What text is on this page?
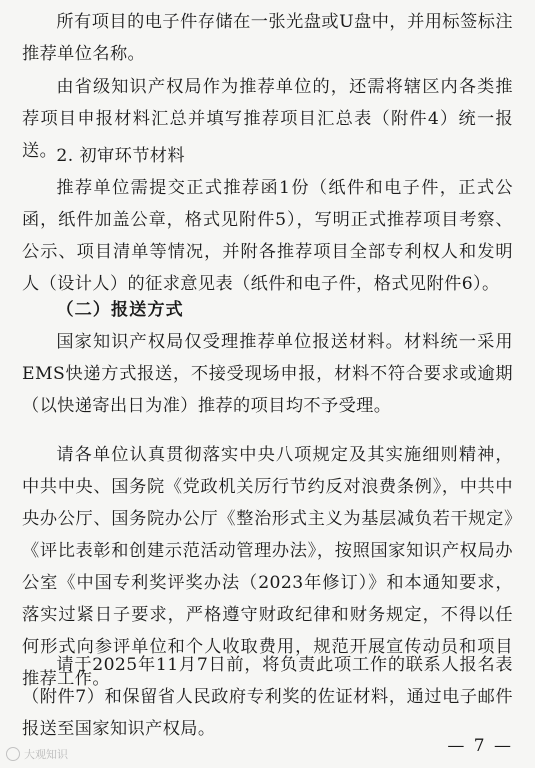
所有项目的电子件存储在一张光盘或U盘中，并用标签标注推荐单位名称。
由省级知识产权局作为推荐单位的，还需将辖区内各类推荐项目申报材料汇总并填写推荐项目汇总表（附件4）统一报送。 2. 初审环节材料
推荐单位需提交正式推荐函1份（纸件和电子件，正式公函，纸件加盖公章，格式见附件5），写明正式推荐项目考察、公示、项目清单等情况，并附各推荐项目全部专利权人和发明人（设计人）的征求意见表（纸件和电子件，格式见附件6）。
（二）报送方式
国家知识产权局仅受理推荐单位报送材料。材料统一采用EMS快递方式报送，不接受现场申报，材料不符合要求或逾期（以快递寄出日为准）推荐的项目均不予受理。
请各单位认真贯彻落实中央八项规定及其实施细则精神，中共中央、国务院《党政机关厉行节约反对浪费条例》，中共中央办公厅、国务院办公厅《整治形式主义为基层减负若干规定》《评比表彰和创建示范活动管理办法》，按照国家知识产权局办公室《中国专利奖评奖办法（2023年修订）》和本通知要求，落实过紧日子要求，严格遵守财政纪律和财务规定，不得以任何形式向参评单位和个人收取费用，规范开展宣传动员和项目推荐工作。
请于2025年11月7日前，将负责此项工作的联系人报名表（附件7）和保留省人民政府专利奖的佐证材料，通过电子邮件报送至国家知识产权局。
大观知识	— 7 —
